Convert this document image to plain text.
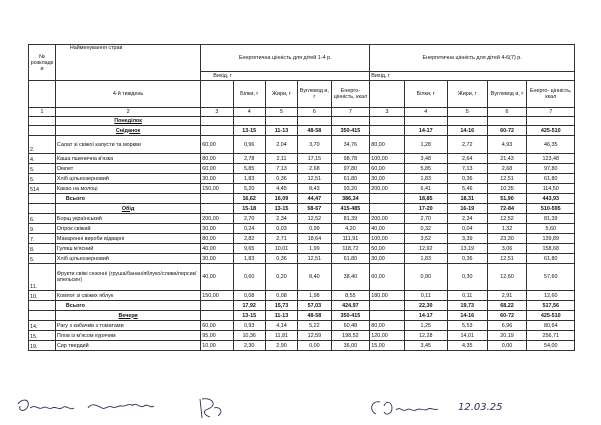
№ розкладк и	Найменування страв	Енергетична цінність для дітей 1-4 р.					Енергетична цінність для дітей 4-6(7) р.				
		Вихід, г					Вихід, г				
	4-й тиждень		Білки, г	Жири, г	Вуглевод и, г	Енерго- цінність, ккал		Білки, г	Жири, г	Вуглевод и, г	Енерго- цінність, ккал
1	2	3	4	5	6	7	3	4	5	6	7
	Понеділок										
	Сніданок		13-15	11-13	48-58	350-415		14-17	14-16	60-72	425-510
2.	Салат зі свіжої капусти та моркви	60,00	0,96	2,04	3,70	34,76	80,00	1,28	2,72	4,93	46,35
4.	Каша пшенична в'язка	80,00	2,78	2,11	17,15	98,78	100,00	3,48	2,64	21,43	123,48
5.	Омлет	60,00	5,85	7,13	2,68	97,80	60,00	5,85	7,13	2,68	97,80
5.	Хліб цільнозерновий	30,00	1,83	0,36	12,51	61,80	30,00	1,83	0,36	12,51	61,80
514	Какао на молоці	150,00	5,20	4,45	8,43	93,20	200,00	6,41	5,46	10,35	114,50
	Всього		16,62	16,09	44,47	386,34		18,85	18,31	51,90	443,93
	Обід		15-18	13-15	58-67	415-485		17-20	16-19	72-84	510-595
6.	Борщ український	200,00	2,70	2,34	12,52	81,39	200,00	2,70	2,34	12,52	81,39
9.	Огірок свіжий	30,00	0,24	0,03	0,99	4,20	40,00	0,32	0,04	1,32	5,60
7.	Макаронні вироби відварні	80,00	2,82	2,71	18,64	111,91	100,00	3,52	3,39	23,30	139,89
8.	Гуляш м'ясний	40,00	9,65	10,01	1,99	118,72	50,00	12,92	13,19	3,06	158,68
5.	Хліб цільнозерновий	30,00	1,83	0,36	12,51	61,80	30,00	1,83	0,36	12,51	61,80
11.	Фрукти свіжі сезонні (груша/банан/яблуко/слива/персик/апельсин)	40,00	0,60	0,20	8,40	38,40	60,00	0,90	0,30	12,60	57,60
10.	Компот зі свіжих яблук	150,00	0,08	0,08	1,98	8,55	180,00	0,11	0,11	2,91	12,60
	Всього		17,92	15,73	57,03	424,97		22,30	19,73	68,22	517,56
	Вечеря		13-15	11-13	48-58	350-415		14-17	14-16	60-72	425-510
14.	Рагу з кабачків з томатами	60,00	0,93	4,14	5,22	60,48	80,00	1,25	5,53	6,96	80,64
15.	Плов із м'ясом курячим	95,00	10,36	11,81	12,59	198,52	120,00	12,28	14,01	20,19	256,71
19.	Сир твердий	10,00	2,30	2,90	0,00	36,00	15,00	3,45	4,35	0,00	54,00
12.03.25
